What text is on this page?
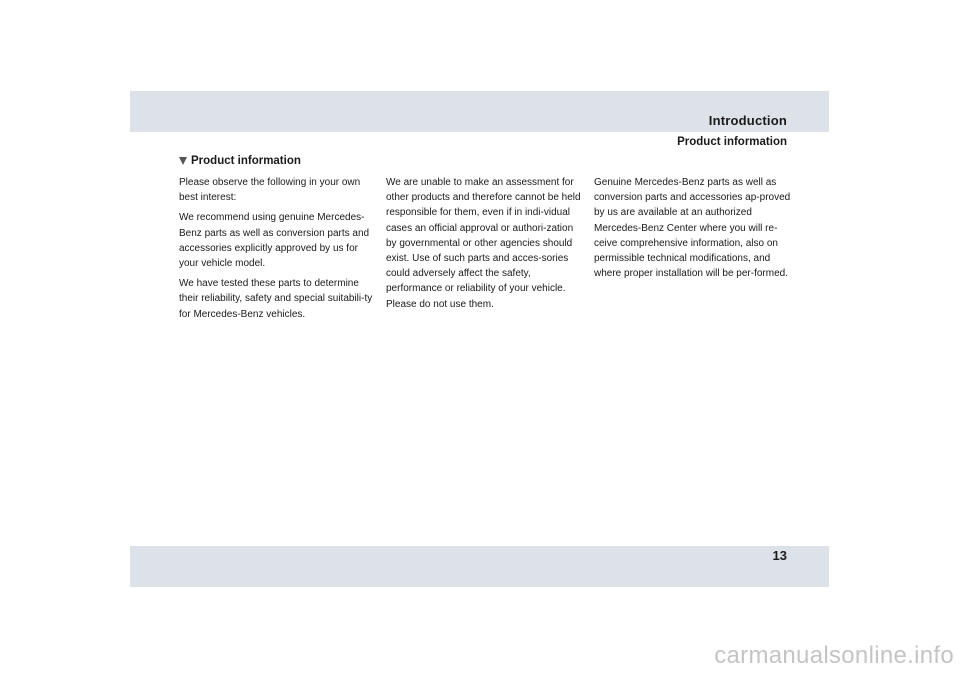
Introduction
Product information
Product information

Please observe the following in your own best interest:

We recommend using genuine Mercedes-Benz parts as well as conversion parts and accessories explicitly approved by us for your vehicle model.

We have tested these parts to determine their reliability, safety and special suitabili-ty for Mercedes-Benz vehicles.

We are unable to make an assessment for other products and therefore cannot be held responsible for them, even if in indi-vidual cases an official approval or authori-zation by governmental or other agencies should exist. Use of such parts and acces-sories could adversely affect the safety, performance or reliability of your vehicle. Please do not use them.

Genuine Mercedes-Benz parts as well as conversion parts and accessories ap-proved by us are available at an authorized Mercedes-Benz Center where you will re-ceive comprehensive information, also on permissible technical modifications, and where proper installation will be per-formed.

13
carmanualsonline.info
